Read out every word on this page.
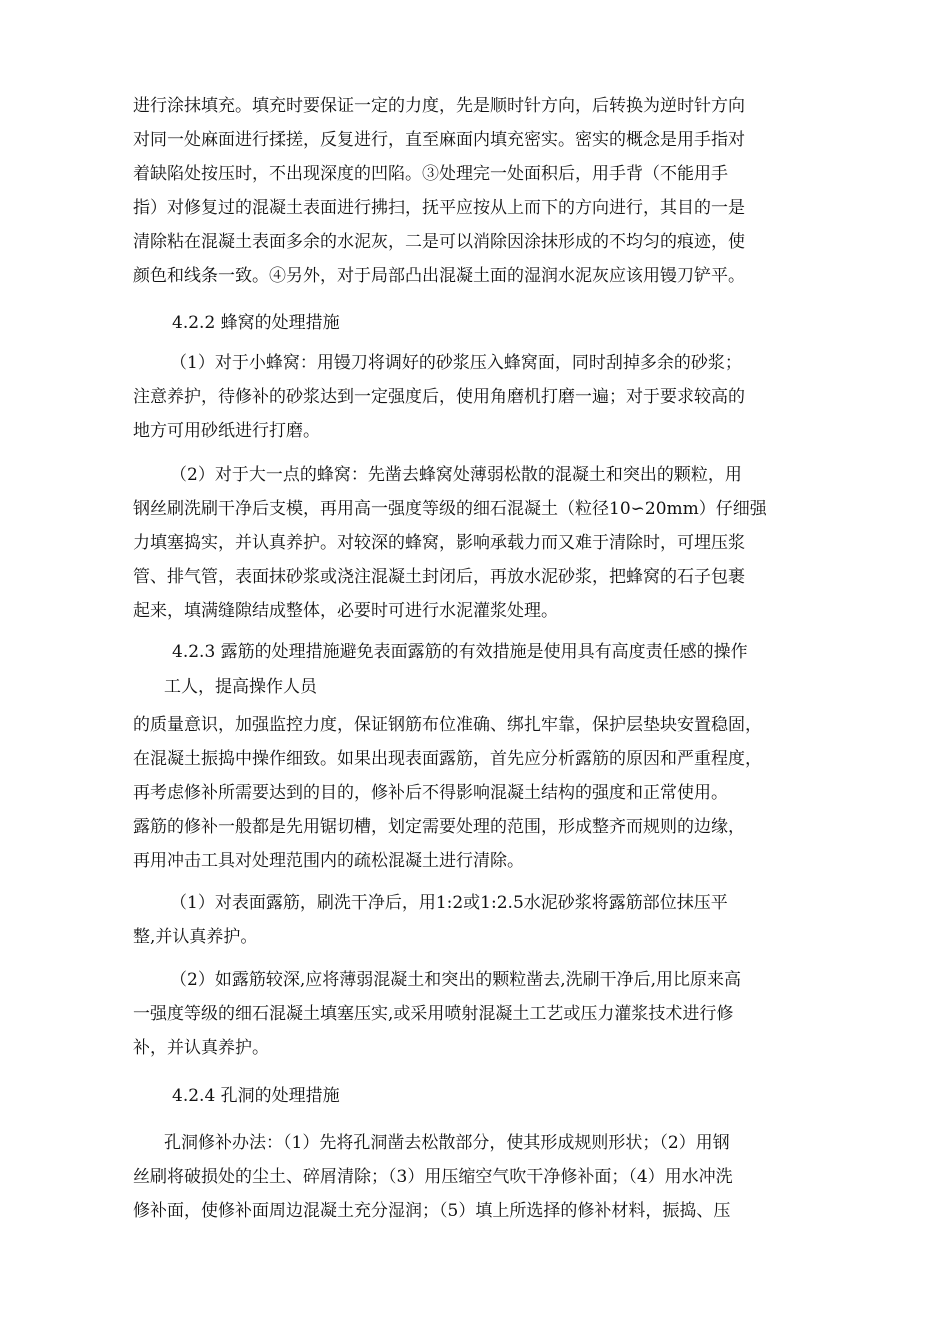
进行涂抹填充。填充时要保证一定的力度，先是顺时针方向，后转换为逆时针方向
对同一处麻面进行揉搓，反复进行，直至麻面内填充密实。密实的概念是用手指对
着缺陷处按压时，不出现深度的凹陷。③处理完一处面积后，用手背（不能用手
指）对修复过的混凝土表面进行拂扫，抚平应按从上而下的方向进行，其目的一是
清除粘在混凝土表面多余的水泥灰，二是可以消除因涂抹形成的不均匀的痕迹，使
颜色和线条一致。④另外，对于局部凸出混凝土面的湿润水泥灰应该用镘刀铲平。
4.2.2 蜂窝的处理措施
（1）对于小蜂窝：用镘刀将调好的砂浆压入蜂窝面，同时刮掉多余的砂浆；
注意养护，待修补的砂浆达到一定强度后，使用角磨机打磨一遍；对于要求较高的
地方可用砂纸进行打磨。
（2）对于大一点的蜂窝：先凿去蜂窝处薄弱松散的混凝土和突出的颗粒，用
钢丝刷洗刷干净后支模，再用高一强度等级的细石混凝土（粒径10∽20mm）仔细强
力填塞捣实，并认真养护。对较深的蜂窝，影响承载力而又难于清除时，可埋压浆
管、排气管，表面抹砂浆或浇注混凝土封闭后，再放水泥砂浆，把蜂窝的石子包裹
起来，填满缝隙结成整体，必要时可进行水泥灌浆处理。
4.2.3 露筋的处理措施避免表面露筋的有效措施是使用具有高度责任感的操作
工人，提高操作人员
的质量意识，加强监控力度，保证钢筋布位准确、绑扎牢靠，保护层垫块安置稳固，
在混凝土振捣中操作细致。如果出现表面露筋，首先应分析露筋的原因和严重程度，
再考虑修补所需要达到的目的，修补后不得影响混凝土结构的强度和正常使用。
露筋的修补一般都是先用锯切槽，划定需要处理的范围，形成整齐而规则的边缘，
再用冲击工具对处理范围内的疏松混凝土进行清除。
（1）对表面露筋，刷洗干净后，用1:2或1:2.5水泥砂浆将露筋部位抹压平
整,并认真养护。
（2）如露筋较深,应将薄弱混凝土和突出的颗粒凿去,洗刷干净后,用比原来高
一强度等级的细石混凝土填塞压实,或采用喷射混凝土工艺或压力灌浆技术进行修
补，并认真养护。
4.2.4 孔洞的处理措施
孔洞修补办法：（1）先将孔洞凿去松散部分，使其形成规则形状；（2）用钢
丝刷将破损处的尘土、碎屑清除；（3）用压缩空气吹干净修补面；（4）用水冲洗
修补面，使修补面周边混凝土充分湿润；（5）填上所选择的修补材料，振捣、压
